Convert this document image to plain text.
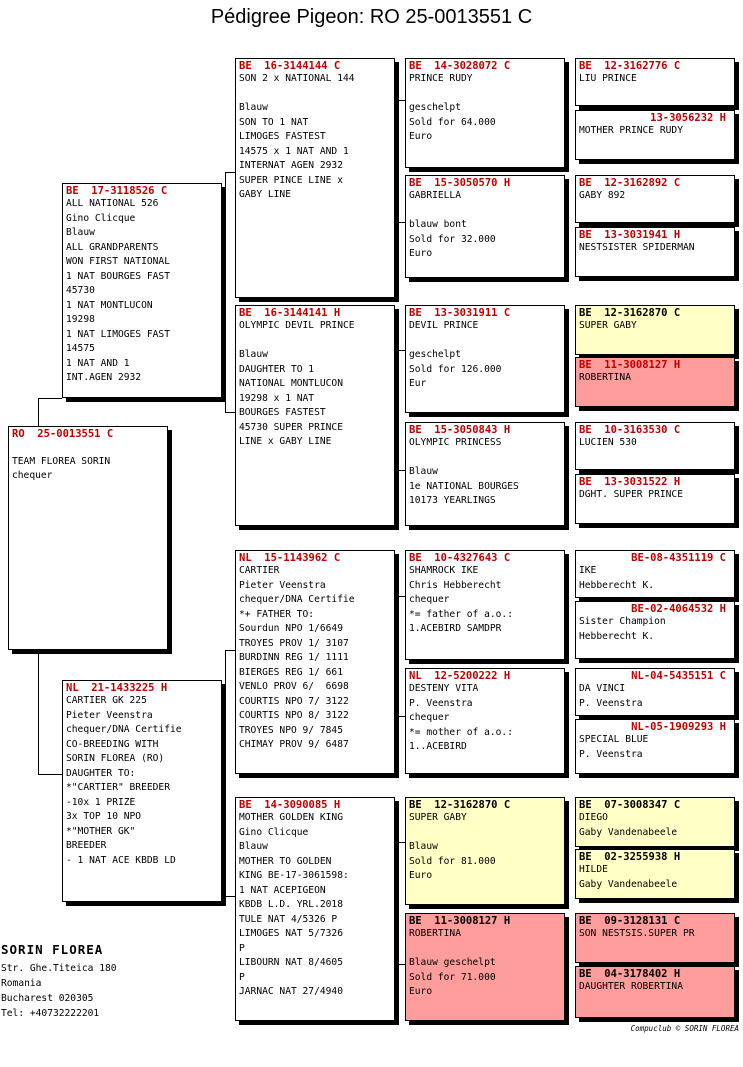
Pédigree Pigeon: RO 25-0013551 C
RO  25-0013551 C

TEAM FLOREA SORIN
chequer
BE  17-3118526 C
ALL NATIONAL 526
Gino Clicque
Blauw
ALL GRANDPARENTS
WON FIRST NATIONAL
1 NAT BOURGES FAST
45730
1 NAT MONTLUCON
19298
1 NAT LIMOGES FAST
14575
1 NAT AND 1
INT.AGEN 2932
NL  21-1433225 H
CARTIER GK 225
Pieter Veenstra
chequer/DNA Certifie
CO-BREEDING WITH
SORIN FLOREA (RO)
DAUGHTER TO:
*"CARTIER" BREEDER
-10x 1 PRIZE
3x TOP 10 NPO
*"MOTHER GK"
BREEDER
- 1 NAT ACE KBDB LD
BE  16-3144144 C
SON 2 x NATIONAL 144

Blauw
SON TO 1 NAT
LIMOGES FASTEST
14575 x 1 NAT AND 1
INTERNAT AGEN 2932
SUPER PINCE LINE x
GABY LINE
BE  16-3144141 H
OLYMPIC DEVIL PRINCE

Blauw
DAUGHTER TO 1
NATIONAL MONTLUCON
19298 x 1 NAT
BOURGES FASTEST
45730 SUPER PRINCE
LINE x GABY LINE
NL  15-1143962 C
CARTIER
Pieter Veenstra
chequer/DNA Certifie
*+ FATHER TO:
Sourdun NPO 1/6649
TROYES PROV 1/ 3107
BURDINN REG 1/ 1111
BIERGES REG 1/ 661
VENLO PROV 6/  6698
COURTIS NPO 7/ 3122
COURTIS NPO 8/ 3122
TROYES NPO 9/ 7845
CHIMAY PROV 9/ 6487
BE  14-3090085 H
MOTHER GOLDEN KING
Gino Clicque
Blauw
MOTHER TO GOLDEN
KING BE-17-3061598:
1 NAT ACEPIGEON
KBDB L.D. YRL.2018
TULE NAT 4/5326 P
LIMOGES NAT 5/7326
P
LIBOURN NAT 8/4605
P
JARNAC NAT 27/4940
BE  14-3028072 C
PRINCE RUDY

geschelpt
Sold for 64.000
Euro
BE  15-3050570 H
GABRIELLA

blauw bont
Sold for 32.000
Euro
BE  13-3031911 C
DEVIL PRINCE

geschelpt
Sold for 126.000
Eur
BE  15-3050843 H
OLYMPIC PRINCESS

Blauw
1e NATIONAL BOURGES
10173 YEARLINGS
BE  10-4327643 C
SHAMROCK IKE
Chris Hebberecht
chequer
*= father of a.o.:
1.ACEBIRD SAMDPR
NL  12-5200222 H
DESTENY VITA
P. Veenstra
chequer
*= mother of a.o.:
1..ACEBIRD
BE  12-3162870 C
SUPER GABY

Blauw
Sold for 81.000
Euro
BE  11-3008127 H
ROBERTINA

Blauw geschelpt
Sold for 71.000
Euro
BE  12-3162776 C
LIU PRINCE
13-3056232 H
MOTHER PRINCE RUDY
BE  12-3162892 C
GABY 892
BE  13-3031941 H
NESTSISTER SPIDERMAN
BE  12-3162870 C
SUPER GABY
BE  11-3008127 H
ROBERTINA
BE  10-3163530 C
LUCIEN 530
BE  13-3031522 H
DGHT. SUPER PRINCE
BE-08-4351119 C
IKE
Hebberecht K.
BE-02-4064532 H
Sister Champion
Hebberecht K.
NL-04-5435151 C
DA VINCI
P. Veenstra
NL-05-1909293 H
SPECIAL BLUE
P. Veenstra
BE  07-3008347 C
DIEGO
Gaby Vandenabeele
BE  02-3255938 H
HILDE
Gaby Vandenabeele
BE  09-3128131 C
SON NESTSIS.SUPER PR
BE  04-3178402 H
DAUGHTER ROBERTINA
SORIN FLOREA
Str. Ghe.Titeica 180
Romania
Bucharest 020305
Tel: +40732222201
Compuclub © SORIN FLOREA
